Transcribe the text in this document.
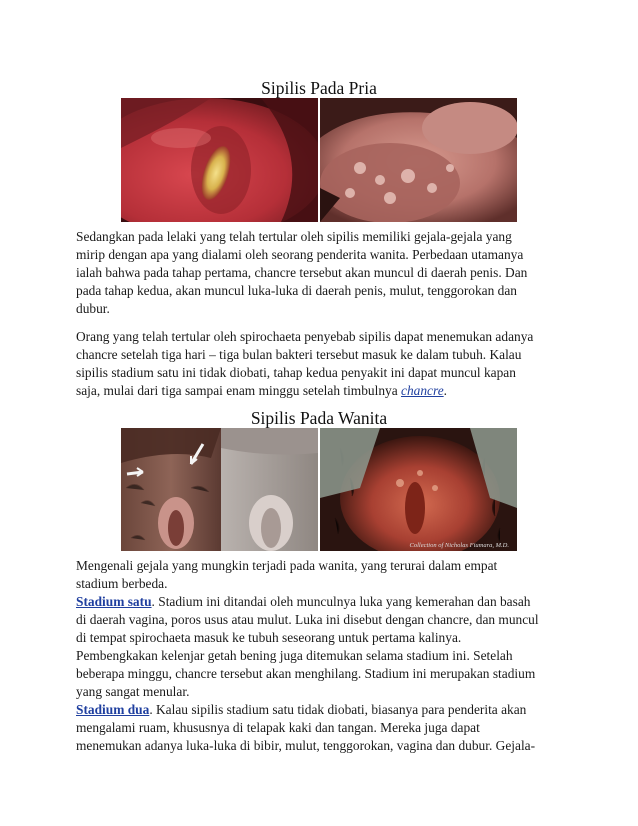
Sipilis Pada Pria
Sedangkan pada lelaki yang telah tertular oleh sipilis memiliki gejala-gejala yang
mirip dengan apa yang dialami oleh seorang penderita wanita. Perbedaan utamanya
ialah bahwa pada tahap pertama, chancre tersebut akan muncul di daerah penis. Dan
pada tahap kedua, akan muncul luka-luka di daerah penis, mulut, tenggorokan dan
dubur.
Orang yang telah tertular oleh spirochaeta penyebab sipilis dapat menemukan adanya
chancre setelah tiga hari – tiga bulan bakteri tersebut masuk ke dalam tubuh. Kalau
sipilis stadium satu ini tidak diobati, tahap kedua penyakit ini dapat muncul kapan
saja, mulai dari tiga sampai enam minggu setelah timbulnya chancre.
Sipilis Pada Wanita
Collection of Nicholas Fiumara, M.D.
Mengenali gejala yang mungkin terjadi pada wanita, yang terurai dalam empat
stadium berbeda.
Stadium satu. Stadium ini ditandai oleh munculnya luka yang kemerahan dan basah
di daerah vagina, poros usus atau mulut. Luka ini disebut dengan chancre, dan muncul
di tempat spirochaeta masuk ke tubuh seseorang untuk pertama kalinya.
Pembengkakan kelenjar getah bening juga ditemukan selama stadium ini. Setelah
beberapa minggu, chancre tersebut akan menghilang. Stadium ini merupakan stadium
yang sangat menular.
Stadium dua. Kalau sipilis stadium satu tidak diobati, biasanya para penderita akan
mengalami ruam, khususnya di telapak kaki dan tangan. Mereka juga dapat
menemukan adanya luka-luka di bibir, mulut, tenggorokan, vagina dan dubur. Gejala-
